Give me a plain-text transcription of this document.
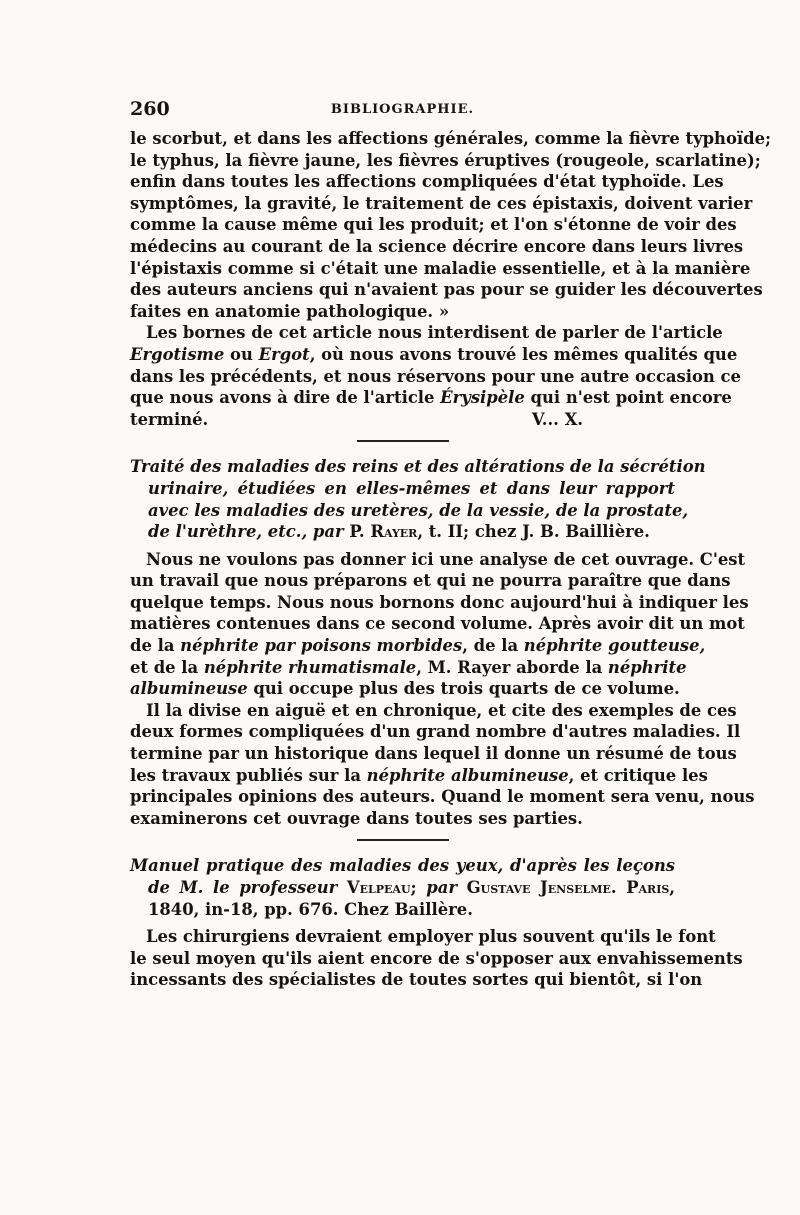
260	BIBLIOGRAPHIE.

le scorbut, et dans les affections générales, comme la fièvre typhoïde;
le typhus, la fièvre jaune, les fièvres éruptives (rougeole, scarlatine);
enfin dans toutes les affections compliquées d'état typhoïde. Les
symptômes, la gravité, le traitement de ces épistaxis, doivent varier
comme la cause même qui les produit; et l'on s'étonne de voir des
médecins au courant de la science décrire encore dans leurs livres
l'épistaxis comme si c'était une maladie essentielle, et à la manière
des auteurs anciens qui n'avaient pas pour se guider les découvertes
faites en anatomie pathologique. »

Les bornes de cet article nous interdisent de parler de l'article
Ergotisme ou Ergot, où nous avons trouvé les mêmes qualités que
dans les précédents, et nous réservons pour une autre occasion ce
que nous avons à dire de l'article Érysipèle qui n'est point encore
terminé.	V... X.

Traité des maladies des reins et des altérations de la sécrétion
urinaire, étudiées en elles-mêmes et dans leur rapport
avec les maladies des uretères, de la vessie, de la prostate,
de l'urèthre, etc., par P. Rayer, t. II; chez J. B. Baillière.

Nous ne voulons pas donner ici une analyse de cet ouvrage. C'est
un travail que nous préparons et qui ne pourra paraître que dans
quelque temps. Nous nous bornons donc aujourd'hui à indiquer les
matières contenues dans ce second volume. Après avoir dit un mot
de la néphrite par poisons morbides, de la néphrite goutteuse,
et de la néphrite rhumatismale, M. Rayer aborde la néphrite
albumineuse qui occupe plus des trois quarts de ce volume.

Il la divise en aiguë et en chronique, et cite des exemples de ces
deux formes compliquées d'un grand nombre d'autres maladies. Il
termine par un historique dans lequel il donne un résumé de tous
les travaux publiés sur la néphrite albumineuse, et critique les
principales opinions des auteurs. Quand le moment sera venu, nous
examinerons cet ouvrage dans toutes ses parties.

Manuel pratique des maladies des yeux, d'après les leçons
de M. le professeur Velpeau; par Gustave Jenselme. Paris,
1840, in-18, pp. 676. Chez Baillère.

Les chirurgiens devraient employer plus souvent qu'ils le font
le seul moyen qu'ils aient encore de s'opposer aux envahissements
incessants des spécialistes de toutes sortes qui bientôt, si l'on
